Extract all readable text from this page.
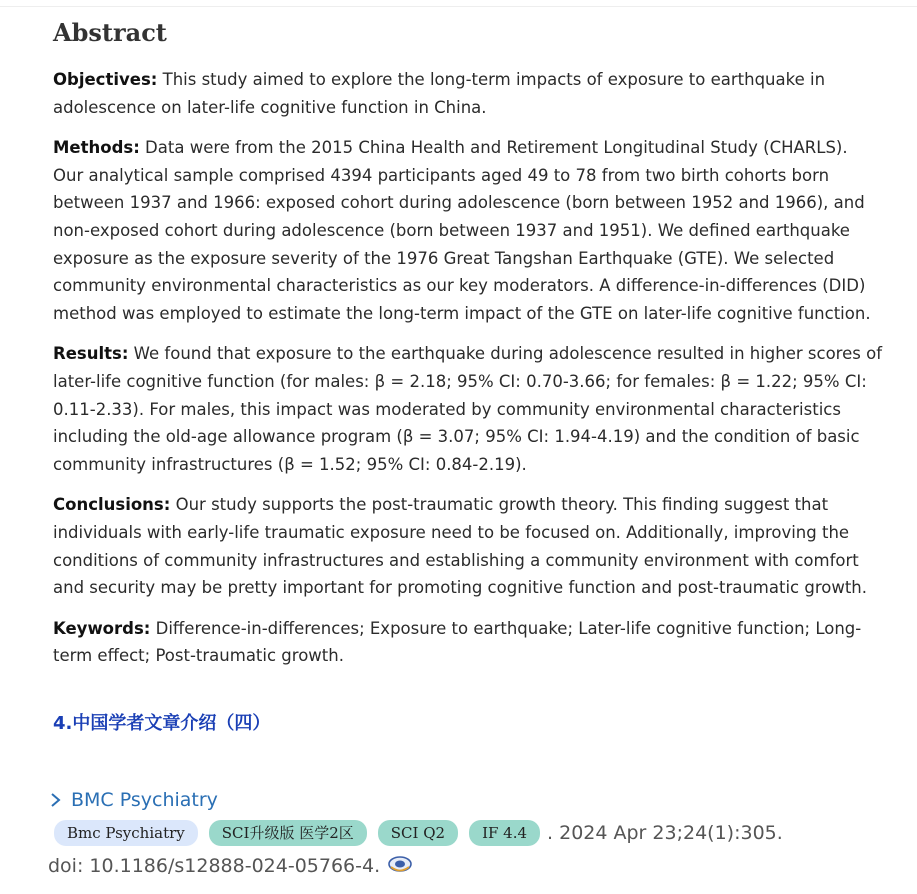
Abstract

Objectives: This study aimed to explore the long-term impacts of exposure to earthquake in adolescence on later-life cognitive function in China.

Methods: Data were from the 2015 China Health and Retirement Longitudinal Study (CHARLS). Our analytical sample comprised 4394 participants aged 49 to 78 from two birth cohorts born between 1937 and 1966: exposed cohort during adolescence (born between 1952 and 1966), and non-exposed cohort during adolescence (born between 1937 and 1951). We defined earthquake exposure as the exposure severity of the 1976 Great Tangshan Earthquake (GTE). We selected community environmental characteristics as our key moderators. A difference-in-differences (DID) method was employed to estimate the long-term impact of the GTE on later-life cognitive function.

Results: We found that exposure to the earthquake during adolescence resulted in higher scores of later-life cognitive function (for males: β = 2.18; 95% CI: 0.70-3.66; for females: β = 1.22; 95% CI: 0.11-2.33). For males, this impact was moderated by community environmental characteristics including the old-age allowance program (β = 3.07; 95% CI: 1.94-4.19) and the condition of basic community infrastructures (β = 1.52; 95% CI: 0.84-2.19).

Conclusions: Our study supports the post-traumatic growth theory. This finding suggest that individuals with early-life traumatic exposure need to be focused on. Additionally, improving the conditions of community infrastructures and establishing a community environment with comfort and security may be pretty important for promoting cognitive function and post-traumatic growth.

Keywords: Difference-in-differences; Exposure to earthquake; Later-life cognitive function; Long-term effect; Post-traumatic growth.

4.中国学者文章介绍（四）
BMC Psychiatry
Bmc Psychiatry	SCI升级版 医学2区	SCI Q2	IF 4.4	. 2024 Apr 23;24(1):305.
doi: 10.1186/s12888-024-05766-4.
